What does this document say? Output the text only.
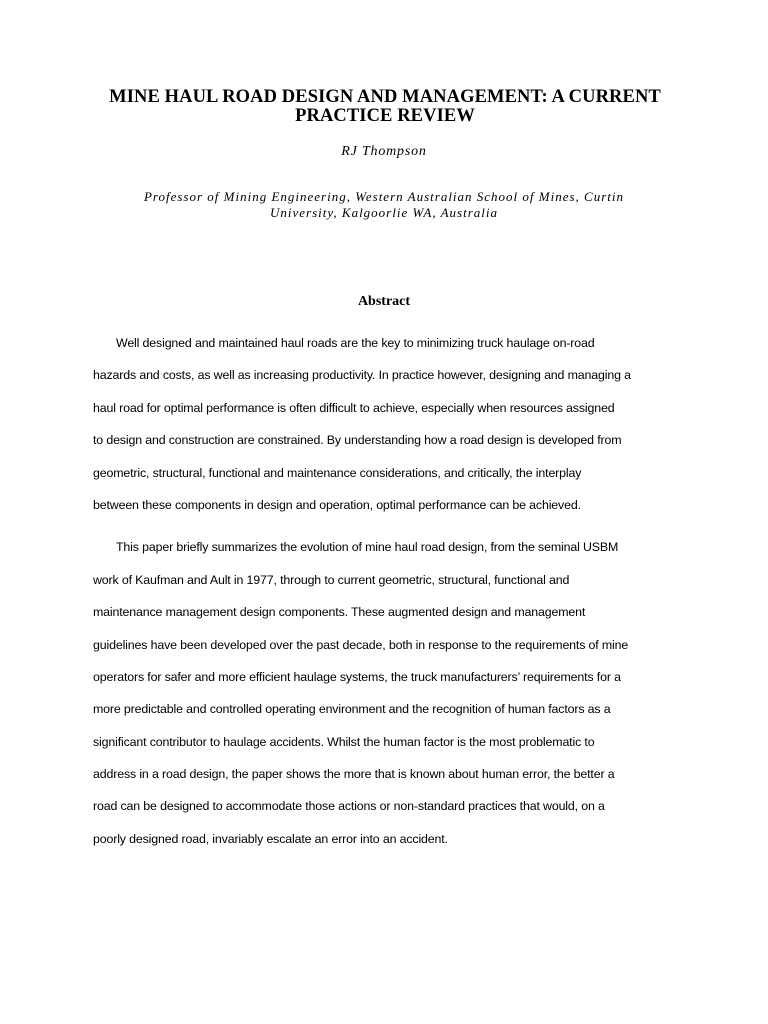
MINE HAUL ROAD DESIGN AND MANAGEMENT: A CURRENT PRACTICE REVIEW

RJ Thompson

Professor of Mining Engineering, Western Australian School of Mines, Curtin University, Kalgoorlie WA, Australia

Abstract
Well designed and maintained haul roads are the key to minimizing truck haulage on-road
hazards and costs, as well as increasing productivity. In practice however, designing and managing a
haul road for optimal performance is often difficult to achieve, especially when resources assigned
to design and construction are constrained. By understanding how a road design is developed from
geometric, structural, functional and maintenance considerations, and critically, the interplay
between these components in design and operation, optimal performance can be achieved.
This paper briefly summarizes the evolution of mine haul road design, from the seminal USBM
work of Kaufman and Ault in 1977, through to current geometric, structural, functional and
maintenance management design components. These augmented design and management
guidelines have been developed over the past decade, both in response to the requirements of mine
operators for safer and more efficient haulage systems, the truck manufacturers’ requirements for a
more predictable and controlled operating environment and the recognition of human factors as a
significant contributor to haulage accidents. Whilst the human factor is the most problematic to
address in a road design, the paper shows the more that is known about human error, the better a
road can be designed to accommodate those actions or non-standard practices that would, on a
poorly designed road, invariably escalate an error into an accident.
